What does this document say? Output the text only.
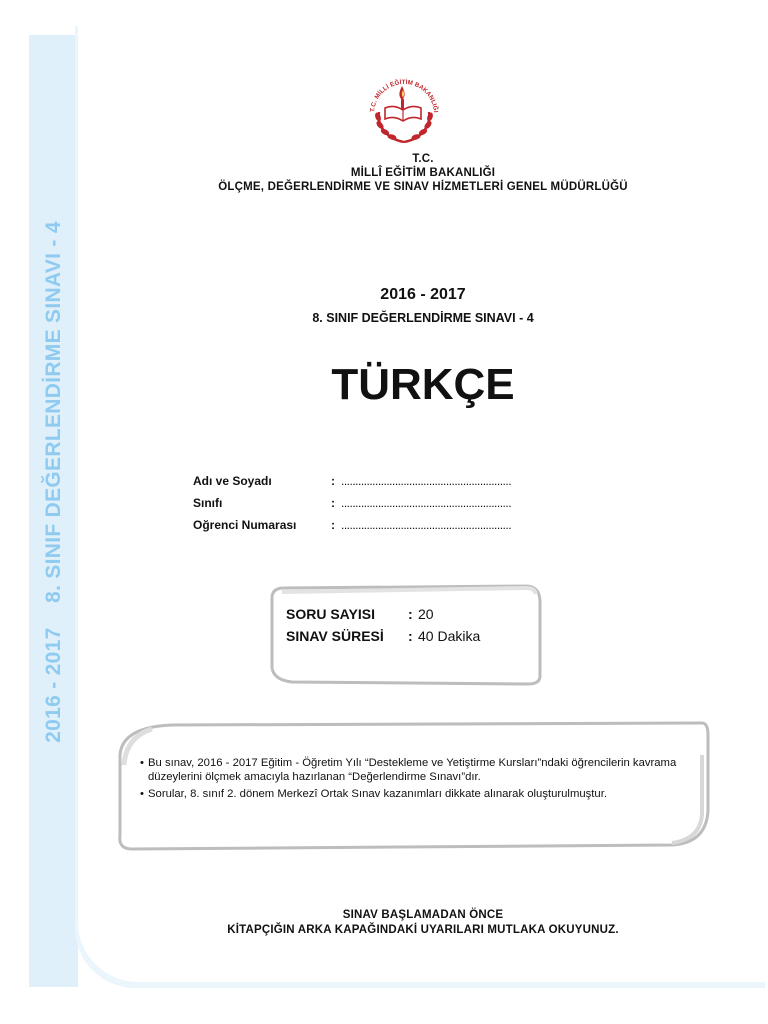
2016 - 2017    8. SINIF DEĞERLENDİRME SINAVI - 4
T.C. MİLLİ EĞİTİM BAKANLIĞI
T.C.
MİLLÎ EĞİTİM BAKANLIĞI
ÖLÇME, DEĞERLENDİRME VE SINAV HİZMETLERİ GENEL MÜDÜRLÜĞÜ
2016 - 2017
8. SINIF DEĞERLENDİRME SINAVI - 4
TÜRKÇE
Adı ve Soyadı	: ............................................................
Sınıfı	: ............................................................
Oğrenci Numarası	: ............................................................
SORU SAYISI	: 20
SINAV SÜRESİ	: 40 Dakika
• Bu sınav, 2016 - 2017 Eğitim - Öğretim Yılı “Destekleme ve Yetiştirme Kursları”ndaki öğrencilerin kavrama düzeylerini ölçmek amacıyla hazırlanan “Değerlendirme Sınavı”dır.
• Sorular, 8. sınıf 2. dönem Merkezî Ortak Sınav kazanımları dikkate alınarak oluşturulmuştur.
SINAV BAŞLAMADAN ÖNCE
KİTAPÇIĞIN ARKA KAPAĞINDAKİ UYARILARI MUTLAKA OKUYUNUZ.
